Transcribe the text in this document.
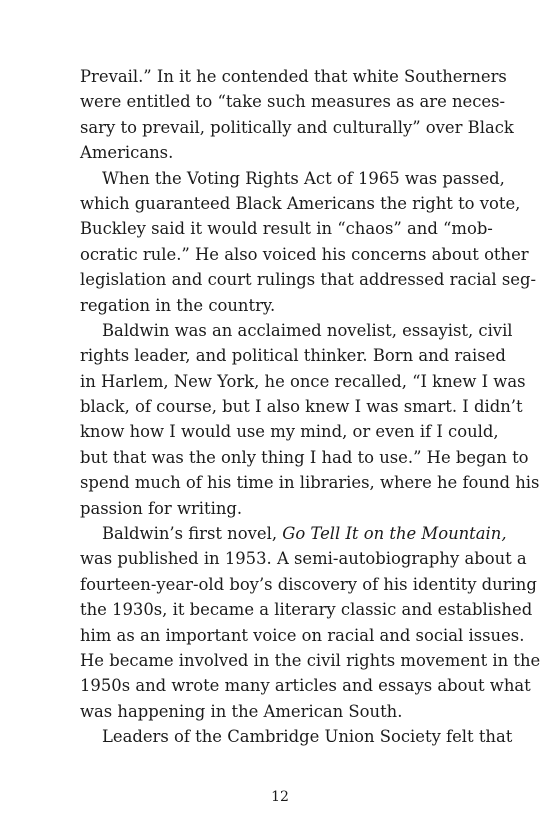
Prevail.” In it he contended that white Southerners
were entitled to “take such measures as are neces-
sary to prevail, politically and culturally” over Black
Americans.
When the Voting Rights Act of 1965 was passed,
which guaranteed Black Americans the right to vote,
Buckley said it would result in “chaos” and “mob-
ocratic rule.” He also voiced his concerns about other
legislation and court rulings that addressed racial seg-
regation in the country.
Baldwin was an acclaimed novelist, essayist, civil
rights leader, and political thinker. Born and raised
in Harlem, New York, he once recalled, “I knew I was
black, of course, but I also knew I was smart. I didn’t
know how I would use my mind, or even if I could,
but that was the only thing I had to use.” He began to
spend much of his time in libraries, where he found his
passion for writing.
Baldwin’s first novel, Go Tell It on the Mountain,
was published in 1953. A semi-autobiography about a
fourteen-year-old boy’s discovery of his identity during
the 1930s, it became a literary classic and established
him as an important voice on racial and social issues.
He became involved in the civil rights movement in the
1950s and wrote many articles and essays about what
was happening in the American South.
Leaders of the Cambridge Union Society felt that
12
